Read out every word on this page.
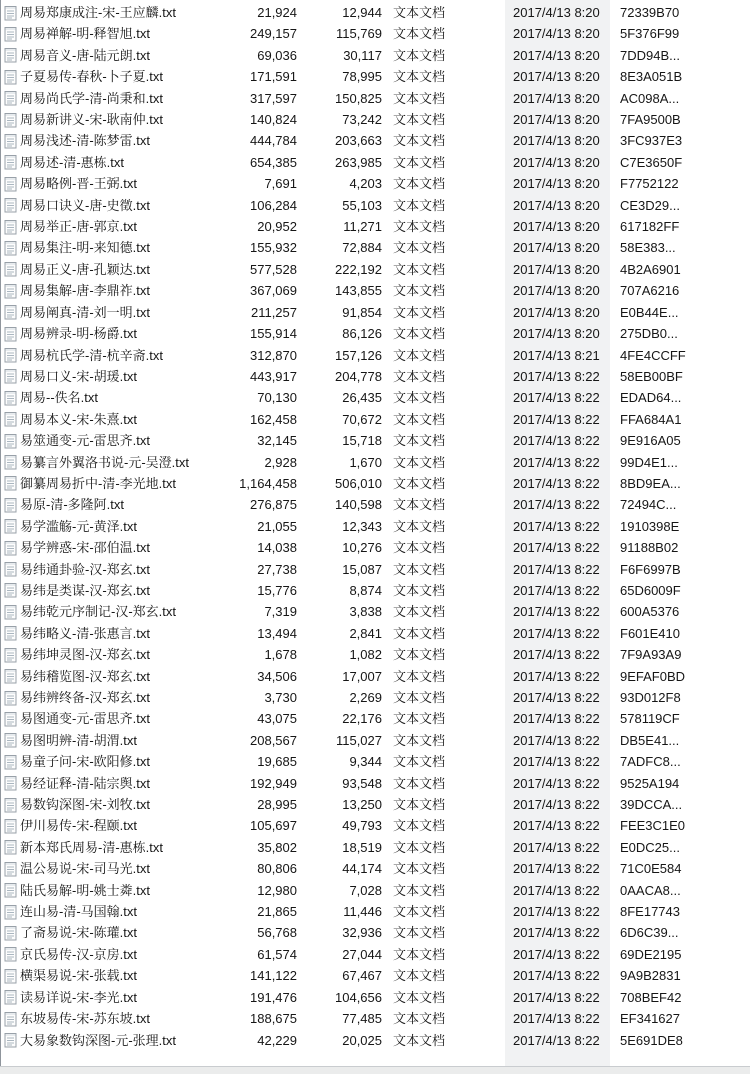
周易郑康成注-宋-王应麟.txt	21,924	12,944 文本文档	2017/4/13 8:20 72339B70
周易禅解-明-释智旭.txt	249,157	115,769 文本文档	2017/4/13 8:20 5F376F99
周易音义-唐-陆元朗.txt	69,036	30,117 文本文档	2017/4/13 8:20 7DD94B...
子夏易传-春秋-卜子夏.txt	171,591	78,995 文本文档	2017/4/13 8:20 8E3A051B
周易尚氏学-清-尚秉和.txt	317,597	150,825 文本文档	2017/4/13 8:20 AC098A...
周易新讲义-宋-耿南仲.txt	140,824	73,242 文本文档	2017/4/13 8:20 7FA9500B
周易浅述-清-陈梦雷.txt	444,784	203,663 文本文档	2017/4/13 8:20 3FC937E3
周易述-清-惠栋.txt	654,385	263,985 文本文档	2017/4/13 8:20 C7E3650F
周易略例-晋-王弼.txt	7,691	4,203 文本文档	2017/4/13 8:20 F7752122
周易口诀义-唐-史徵.txt	106,284	55,103 文本文档	2017/4/13 8:20 CE3D29...
周易举正-唐-郭京.txt	20,952	11,271 文本文档	2017/4/13 8:20 617182FF
周易集注-明-来知德.txt	155,932	72,884 文本文档	2017/4/13 8:20 58E383...
周易正义-唐-孔颖达.txt	577,528	222,192 文本文档	2017/4/13 8:20 4B2A6901
周易集解-唐-李鼎祚.txt	367,069	143,855 文本文档	2017/4/13 8:20 707A6216
周易阐真-清-刘一明.txt	211,257	91,854 文本文档	2017/4/13 8:20 E0B44E...
周易辨录-明-杨爵.txt	155,914	86,126 文本文档	2017/4/13 8:20 275DB0...
周易杭氏学-清-杭辛斋.txt	312,870	157,126 文本文档	2017/4/13 8:21 4FE4CCFF
周易口义-宋-胡瑗.txt	443,917	204,778 文本文档	2017/4/13 8:22 58EB00BF
周易--佚名.txt	70,130	26,435 文本文档	2017/4/13 8:22 EDAD64...
周易本义-宋-朱熹.txt	162,458	70,672 文本文档	2017/4/13 8:22 FFA684A1
易筮通变-元-雷思齐.txt	32,145	15,718 文本文档	2017/4/13 8:22 9E916A05
易纂言外翼洛书说-元-吴澄.txt	2,928	1,670 文本文档	2017/4/13 8:22 99D4E1...
御纂周易折中-清-李光地.txt	1,164,458	506,010 文本文档	2017/4/13 8:22 8BD9EA...
易原-清-多隆阿.txt	276,875	140,598 文本文档	2017/4/13 8:22 72494C...
易学滥觞-元-黄泽.txt	21,055	12,343 文本文档	2017/4/13 8:22 1910398E
易学辨惑-宋-邵伯温.txt	14,038	10,276 文本文档	2017/4/13 8:22 91188B02
易纬通卦验-汉-郑玄.txt	27,738	15,087 文本文档	2017/4/13 8:22 F6F6997B
易纬是类谋-汉-郑玄.txt	15,776	8,874 文本文档	2017/4/13 8:22 65D6009F
易纬乾元序制记-汉-郑玄.txt	7,319	3,838 文本文档	2017/4/13 8:22 600A5376
易纬略义-清-张惠言.txt	13,494	2,841 文本文档	2017/4/13 8:22 F601E410
易纬坤灵图-汉-郑玄.txt	1,678	1,082 文本文档	2017/4/13 8:22 7F9A93A9
易纬稽览图-汉-郑玄.txt	34,506	17,007 文本文档	2017/4/13 8:22 9EFAF0BD
易纬辨终备-汉-郑玄.txt	3,730	2,269 文本文档	2017/4/13 8:22 93D012F8
易图通变-元-雷思齐.txt	43,075	22,176 文本文档	2017/4/13 8:22 578119CF
易图明辨-清-胡渭.txt	208,567	115,027 文本文档	2017/4/13 8:22 DB5E41...
易童子问-宋-欧阳修.txt	19,685	9,344 文本文档	2017/4/13 8:22 7ADFC8...
易经证释-清-陆宗舆.txt	192,949	93,548 文本文档	2017/4/13 8:22 9525A194
易数钩深图-宋-刘牧.txt	28,995	13,250 文本文档	2017/4/13 8:22 39DCCA...
伊川易传-宋-程颐.txt	105,697	49,793 文本文档	2017/4/13 8:22 FEE3C1E0
新本郑氏周易-清-惠栋.txt	35,802	18,519 文本文档	2017/4/13 8:22 E0DC25...
温公易说-宋-司马光.txt	80,806	44,174 文本文档	2017/4/13 8:22 71C0E584
陆氏易解-明-姚士粦.txt	12,980	7,028 文本文档	2017/4/13 8:22 0AACA8...
连山易-清-马国翰.txt	21,865	11,446 文本文档	2017/4/13 8:22 8FE17743
了斋易说-宋-陈瓘.txt	56,768	32,936 文本文档	2017/4/13 8:22 6D6C39...
京氏易传-汉-京房.txt	61,574	27,044 文本文档	2017/4/13 8:22 69DE2195
横渠易说-宋-张载.txt	141,122	67,467 文本文档	2017/4/13 8:22 9A9B2831
读易详说-宋-李光.txt	191,476	104,656 文本文档	2017/4/13 8:22 708BEF42
东坡易传-宋-苏东坡.txt	188,675	77,485 文本文档	2017/4/13 8:22 EF341627
大易象数钩深图-元-张理.txt	42,229	20,025 文本文档	2017/4/13 8:22 5E691DE8
